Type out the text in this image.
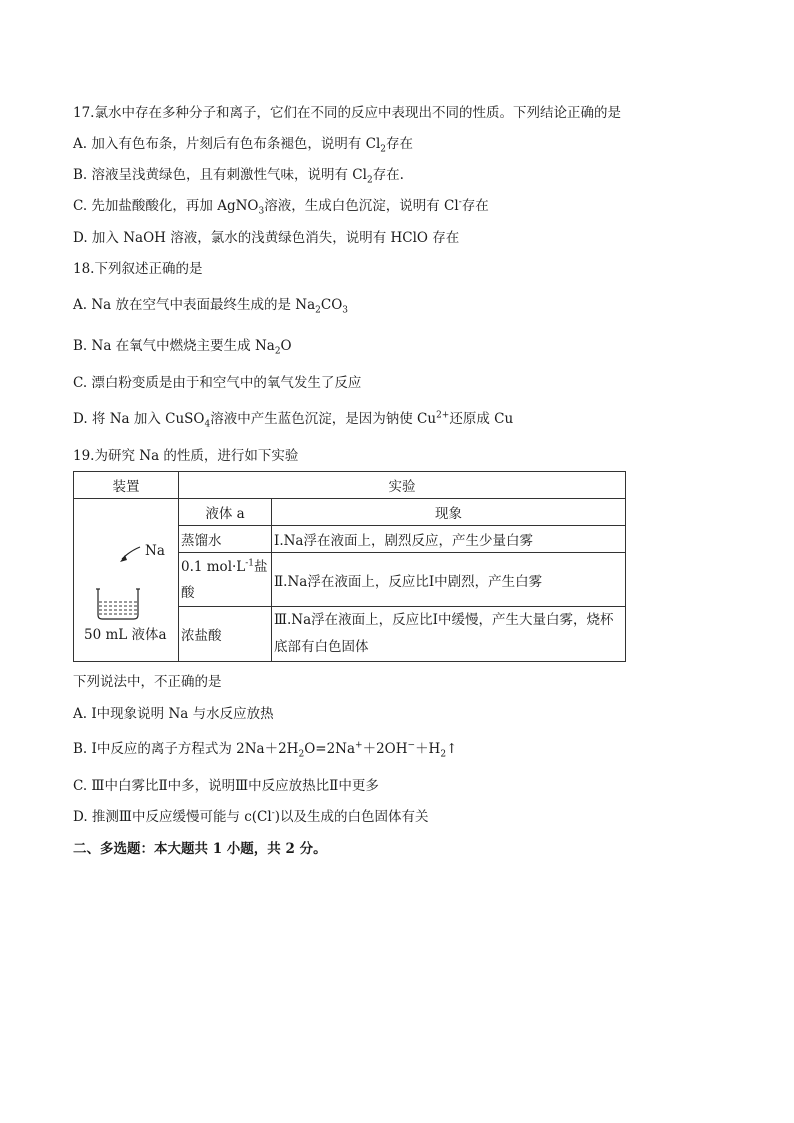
17.氯水中存在多种分子和离子，它们在不同的反应中表现出不同的性质。下列结论正确的是
A. 加入有色布条，片刻后有色布条褪色，说明有 $Cl_2$存在
B. 溶液呈浅黄绿色，且有刺激性气味，说明有 $Cl_2$存在.
C. 先加盐酸酸化，再加 AgNO$_3$溶液，生成白色沉淀，说明有 Cl-存在
D. 加入 NaOH 溶液，氯水的浅黄绿色消失，说明有 HClO 存在
18.下列叙述正确的是
A. Na 放在空气中表面最终生成的是 $Na_2CO_3$
B. Na 在氧气中燃烧主要生成 $Na_2O$
C. 漂白粉变质是由于和空气中的氧气发生了反应
D. 将 Na 加入 CuSO$_4$溶液中产生蓝色沉淀，是因为钠使 $Cu^{2+}$还原成 Cu
19.为研究 Na 的性质，进行如下实验
装置	实验	

Na
50 mL 液体a	液体 a	现象
	蒸馏水	Ⅰ.Na浮在液面上，剧烈反应，产生少量白雾
	0.1 $mol\cdot L^{-1}$盐酸	Ⅱ.Na浮在液面上，反应比Ⅰ中剧烈，产生白雾
	浓盐酸	Ⅲ.Na浮在液面上，反应比Ⅰ中缓慢，产生大量白雾，烧杯底部有白色固体
下列说法中，不正确的是
A. Ⅰ中现象说明 Na 与水反应放热
B. Ⅰ中反应的离子方程式为 $2Na+2H_2O=2Na^++2OH^-+H_2↑$
C. Ⅲ中白雾比Ⅱ中多，说明Ⅲ中反应放热比Ⅱ中更多
D. 推测Ⅲ中反应缓慢可能与 c(Cl-)以及生成的白色固体有关
二、多选题：本大题共 1 小题，共 2 分。
